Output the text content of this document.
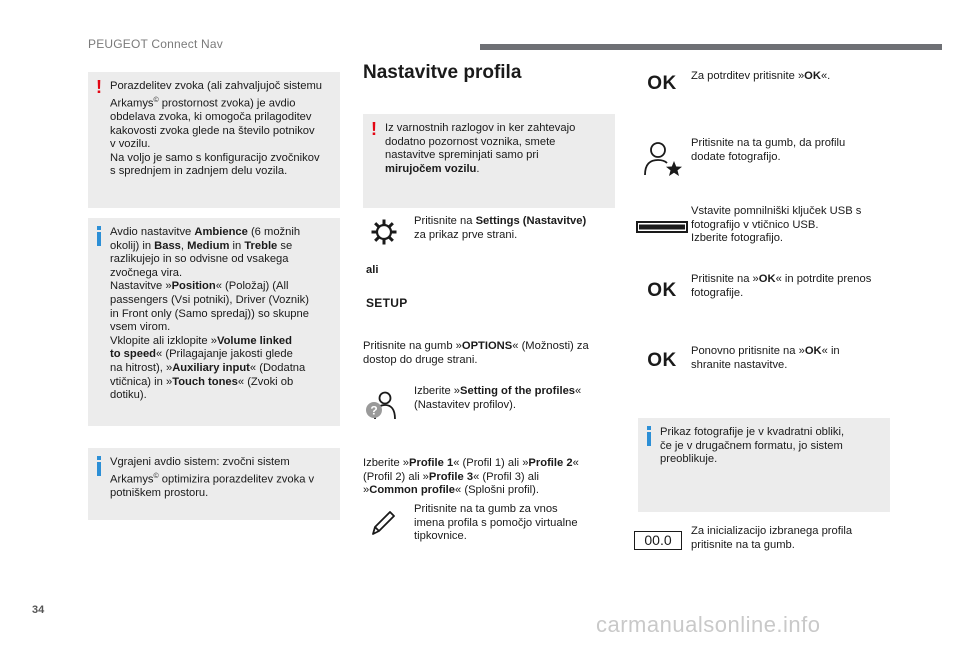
PEUGEOT Connect Nav
34
carmanualsonline.info
! Porazdelitev zvoka (ali zahvaljujoč sistemu
Arkamys© prostornost zvoka) je avdio
obdelava zvoka, ki omogoča prilagoditev
kakovosti zvoka glede na število potnikov
v vozilu.
Na voljo je samo s konfiguracijo zvočnikov
s sprednjem in zadnjem delu vozila.
Avdio nastavitve Ambience (6 možnih
okolij) in Bass, Medium in Treble se
razlikujejo in so odvisne od vsakega
zvočnega vira.
Nastavitve »Position« (Položaj) (All
passengers (Vsi potniki), Driver (Voznik)
in Front only (Samo spredaj)) so skupne
vsem virom.
Vklopite ali izklopite »Volume linked
to speed« (Prilagajanje jakosti glede
na hitrost), »Auxiliary input« (Dodatna
vtičnica) in »Touch tones« (Zvoki ob
dotiku).
Vgrajeni avdio sistem: zvočni sistem
Arkamys© optimizira porazdelitev zvoka v
potniškem prostoru.
Nastavitve profila
! Iz varnostnih razlogov in ker zahtevajo
dodatno pozornost voznika, smete
nastavitve spreminjati samo pri
mirujočem vozilu.
Pritisnite na Settings (Nastavitve)
za prikaz prve strani.
ali
SETUP
Pritisnite na gumb »OPTIONS« (Možnosti) za
dostop do druge strani.
?
Izberite »Setting of the profiles«
(Nastavitev profilov).
Izberite »Profile 1« (Profil 1) ali »Profile 2«
(Profil 2) ali »Profile 3« (Profil 3) ali
»Common profile« (Splošni profil).
Pritisnite na ta gumb za vnos
imena profila s pomočjo virtualne
tipkovnice.
OK	Za potrditev pritisnite »OK«.
Pritisnite na ta gumb, da profilu
dodate fotografijo.
Vstavite pomnilniški ključek USB s
fotografijo v vtičnico USB.
Izberite fotografijo.
OK
Pritisnite na »OK« in potrdite prenos
fotografije.
OK	Ponovno pritisnite na »OK« in
shranite nastavitve.
Prikaz fotografije je v kvadratni obliki,
če je v drugačnem formatu, jo sistem
preoblikuje.
00.0
Za inicializacijo izbranega profila
pritisnite na ta gumb.
